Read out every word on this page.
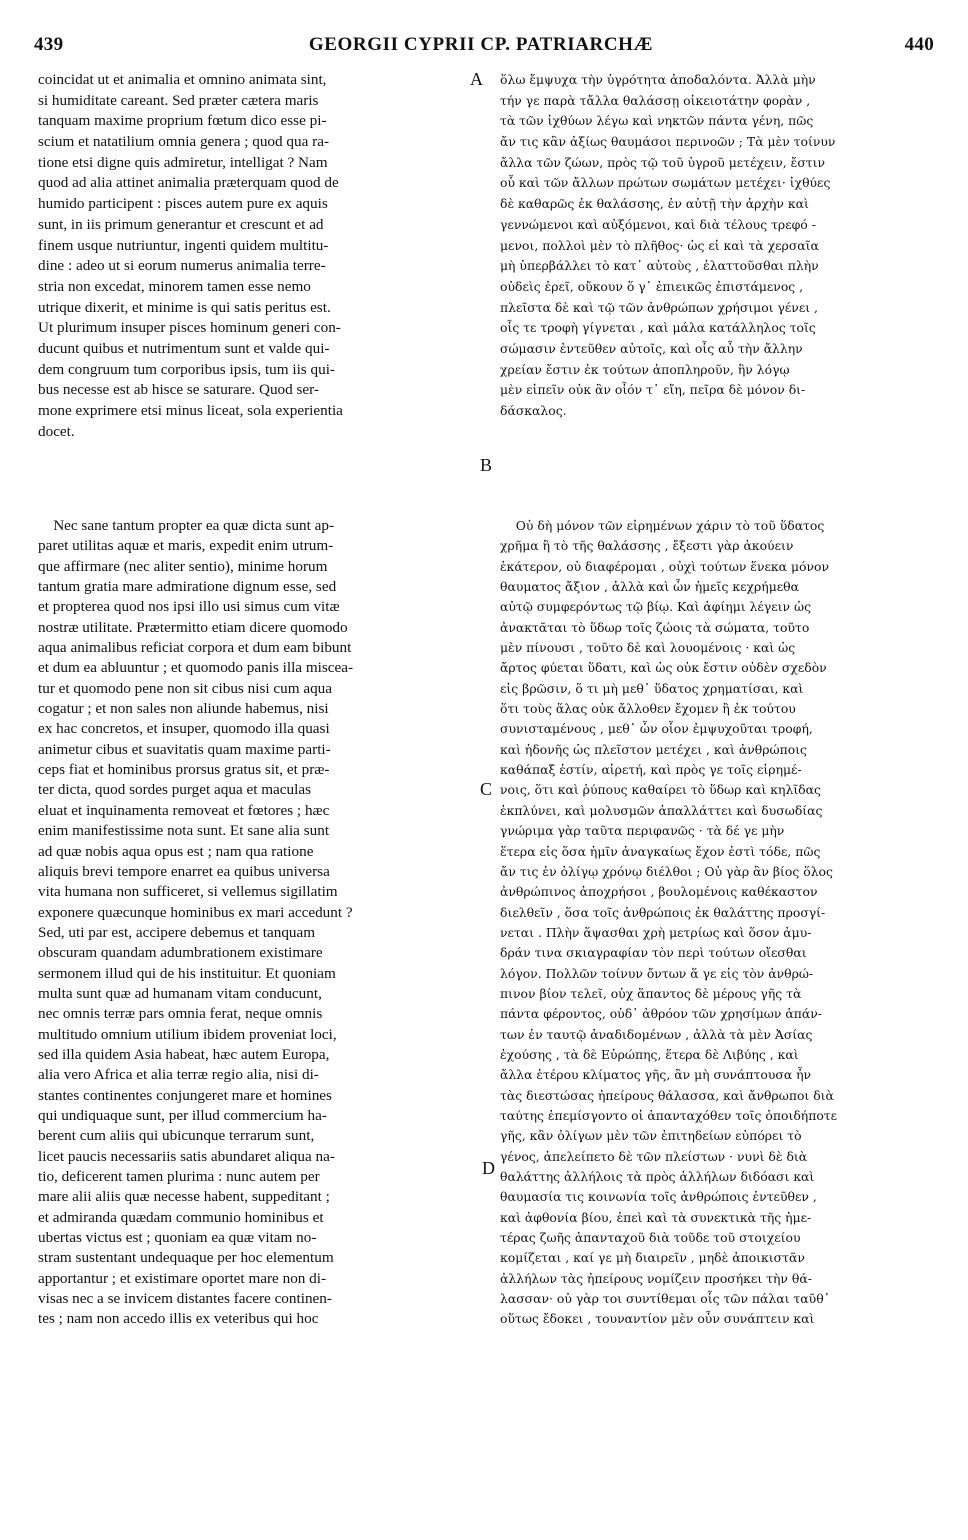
439	GEORGII CYPRII CP. PATRIARCHÆ	440
coincidat ut et animalia et omnino animata sint,
si humiditate careant. Sed præter cætera maris
tanquam maxime proprium fœtum dico esse pi-
scium et natatilium omnia genera ; quod qua ra-
tione etsi digne quis admiretur, intelligat ? Nam
quod ad alia attinet animalia præterquam quod de
humido participent : pisces autem pure ex aquis
sunt, in iis primum generantur et crescunt et ad
finem usque nutriuntur, ingenti quidem multitu-
dine : adeo ut si eorum numerus animalia terre-
stria non excedat, minorem tamen esse nemo
utrique dixerit, et minime is qui satis peritus est.
Ut plurimum insuper pisces hominum generi con-
ducunt quibus et nutrimentum sunt et valde qui-
dem congruum tum corporibus ipsis, tum iis qui-
bus necesse est ab hisce se saturare. Quod ser-
mone exprimere etsi minus liceat, sola experientia
docet.
ὅλω ἔμψυχα τὴν ὑγρότητα ἀποδαλόντα. Ἀλλὰ μὴν
τήν γε παρὰ τἄλλα θαλάσσῃ οἰκειοτάτην φορὰν ,
τὰ τῶν ἰχθύων λέγω καὶ νηκτῶν πάντα γένη, πῶς
ἄν τις κἂν ἀξίως θαυμάσοι περινοῶν ; Τὰ μὲν τοίνυν
ἄλλα τῶν ζώων, πρὸς τῷ τοῦ ὑγροῦ μετέχειν, ἔστιν
οὗ καὶ τῶν ἄλλων πρώτων σωμάτων μετέχει· ἰχθύες
δὲ καθαρῶς ἐκ θαλάσσης, ἐν αὐτῇ τὴν ἀρχὴν καὶ
γεννώμενοι καὶ αὐξόμενοι, καὶ διὰ τέλους τρεφό -
μενοι, πολλοὶ μὲν τὸ πλῆθος· ὡς εἰ καὶ τὰ χερσαῖα
μὴ ὑπερβάλλει τὸ κατ᾽ αὐτοὺς , ἐλαττοῦσθαι πλὴν
οὐδεὶς ἐρεῖ, οὔκουν ὅ γ᾽ ἐπιεικῶς ἐπιστάμενος ,
πλεῖστα δὲ καὶ τῷ τῶν ἀνθρώπων χρήσιμοι γένει ,
οἷς τε τροφὴ γίγνεται , καὶ μάλα κατάλληλος τοῖς
σώμασιν ἐντεῦθεν αὐτοῖς, καὶ οἷς αὖ τὴν ἄλλην
χρείαν ἔστιν ἐκ τούτων ἀποπληροῦν, ἣν λόγῳ
μὲν εἰπεῖν οὐκ ἂν οἷόν τ᾽ εἴη, πεῖρα δὲ μόνον δι-
δάσκαλος.
Nec sane tantum propter ea quæ dicta sunt ap-
paret utilitas aquæ et maris, expedit enim utrum-
que affirmare (nec aliter sentio), minime horum
tantum gratia mare admiratione dignum esse, sed
et propterea quod nos ipsi illo usi simus cum vitæ
nostræ utilitate. Prætermitto etiam dicere quomodo
aqua animalibus reficiat corpora et dum eam bibunt
et dum ea abluuntur ; et quomodo panis illa miscea-
tur et quomodo pene non sit cibus nisi cum aqua
cogatur ; et non sales non aliunde habemus, nisi
ex hac concretos, et insuper, quomodo illa quasi
animetur cibus et suavitatis quam maxime parti-
ceps fiat et hominibus prorsus gratus sit, et præ-
ter dicta, quod sordes purget aqua et maculas
eluat et inquinamenta removeat et fœtores ; hæc
enim manifestissime nota sunt. Et sane alia sunt
ad quæ nobis aqua opus est ; nam qua ratione
aliquis brevi tempore enarret ea quibus universa
vita humana non sufficeret, si vellemus sigillatim
exponere quæcunque hominibus ex mari accedunt ?
Sed, uti par est, accipere debemus et tanquam
obscuram quandam adumbrationem existimare
sermonem illud qui de his instituitur. Et quoniam
multa sunt quæ ad humanam vitam conducunt,
nec omnis terræ pars omnia ferat, neque omnis
multitudo omnium utilium ibidem proveniat loci,
sed illa quidem Asia habeat, hæc autem Europa,
alia vero Africa et alia terræ regio alia, nisi di-
stantes continentes conjungeret mare et homines
qui undiquaque sunt, per illud commercium ha-
berent cum aliis qui ubicunque terrarum sunt,
licet paucis necessariis satis abundaret aliqua na-
tio, deficerent tamen plurima : nunc autem per
mare alii aliis quæ necesse habent, suppeditant ;
et admiranda quædam communio hominibus et
ubertas victus est ; quoniam ea quæ vitam no-
stram sustentant undequaque per hoc elementum
apportantur ; et existimare oportet mare non di-
visas nec a se invicem distantes facere continen-
tes ; nam non accedo illis ex veteribus qui hoc
Οὐ δὴ μόνον τῶν εἰρημένων χάριν τὸ τοῦ ὕδατος
χρῆμα ἢ τὸ τῆς θαλάσσης , ἔξεστι γὰρ ἀκούειν
ἑκάτερον, οὐ διαφέρομαι , οὐχὶ τούτων ἕνεκα μόνον
θαυματος ἄξιον , ἀλλὰ καὶ ὧν ἡμεῖς κεχρήμεθα
αὐτῷ συμφερόντως τῷ βίῳ. Καὶ ἀφίημι λέγειν ὡς
ἀνακτᾶται τὸ ὕδωρ τοῖς ζώοις τὰ σώματα, τοῦτο
μὲν πίνουσι , τοῦτο δὲ καὶ λουομένοις · καὶ ὡς
ἄρτος φύεται ὕδατι, καὶ ὡς οὐκ ἔστιν οὐδὲν σχεδὸν
εἰς βρῶσιν, ὅ τι μὴ μεθ᾽ ὕδατος χρηματίσαι, καὶ
ὅτι τοὺς ἅλας οὐκ ἄλλοθεν ἔχομεν ἢ ἐκ τούτου
συνισταμένους , μεθ᾽ ὧν οἷον ἐμψυχοῦται τροφή,
καὶ ἡδονῆς ὡς πλεῖστον μετέχει , καὶ ἀνθρώποις
καθάπαξ ἐστίν, αἱρετή, καὶ πρὸς γε τοῖς εἰρημέ-
νοις, ὅτι καὶ ῥύπους καθαίρει τὸ ὕδωρ καὶ κηλῖδας
ἐκπλύνει, καὶ μολυσμῶν ἀπαλλάττει καὶ δυσωδίας
γνώριμα γὰρ ταῦτα περιφανῶς · τὰ δέ γε μὴν
ἕτερα εἰς ὅσα ἡμῖν ἀναγκαίως ἔχον ἐστὶ τόδε, πῶς
ἄν τις ἐν ὀλίγῳ χρόνῳ διέλθοι ; Οὐ γὰρ ἂν βίος ὅλος
ἀνθρώπινος ἀποχρήσοι , βουλομένοις καθέκαστον
διελθεῖν , ὅσα τοῖς ἀνθρώποις ἐκ θαλάττης προσγί-
νεται . Πλὴν ἅψασθαι χρὴ μετρίως καὶ ὅσον ἀμυ-
δράν τινα σκιαγραφίαν τὸν περὶ τούτων οἴεσθαι
λόγον. Πολλῶν τοίνυν ὄντων ἅ γε εἰς τὸν ἀνθρώ-
πινον βίον τελεῖ, οὐχ ἅπαντος δὲ μέρους γῆς τὰ
πάντα φέροντος, οὐδ᾽ ἀθρόον τῶν χρησίμων ἁπάν-
των ἐν ταυτῷ ἀναδιδομένων , ἀλλὰ τὰ μὲν Ἀσίας
ἐχούσης , τὰ δὲ Εὐρώπης, ἕτερα δὲ Λιβύης , καὶ
ἄλλα ἑτέρου κλίματος γῆς, ἂν μὴ συνάπτουσα ἦν
τὰς διεστώσας ἠπείρους θάλασσα, καὶ ἄνθρωποι διὰ
ταύτης ἐπεμίσγοντο οἱ ἁπανταχόθεν τοῖς ὁποιδήποτε
γῆς, κἂν ὀλίγων μὲν τῶν ἐπιτηδείων εὐπόρει τὸ
γένος, ἀπελείπετο δὲ τῶν πλείστων · νυνὶ δὲ διὰ
θαλάττης ἀλλήλοις τὰ πρὸς ἀλλήλων διδόασι καὶ
θαυμασία τις κοινωνία τοῖς ἀνθρώποις ἐντεῦθεν ,
καὶ ἀφθονία βίου, ἐπεὶ καὶ τὰ συνεκτικὰ τῆς ἡμε-
τέρας ζωῆς ἁπανταχοῦ διὰ τοῦδε τοῦ στοιχείου
κομίζεται , καί γε μὴ διαιρεῖν , μηδὲ ἀποικιστᾶν
ἀλλήλων τὰς ἠπείρους νομίζειν προσήκει τὴν θά-
λασσαν· οὐ γὰρ τοι συντίθεμαι οἷς τῶν πάλαι ταῦθ᾽
οὕτως ἔδοκει , τουναντίον μὲν οὖν συνάπτειν καὶ
A
B
C
D
